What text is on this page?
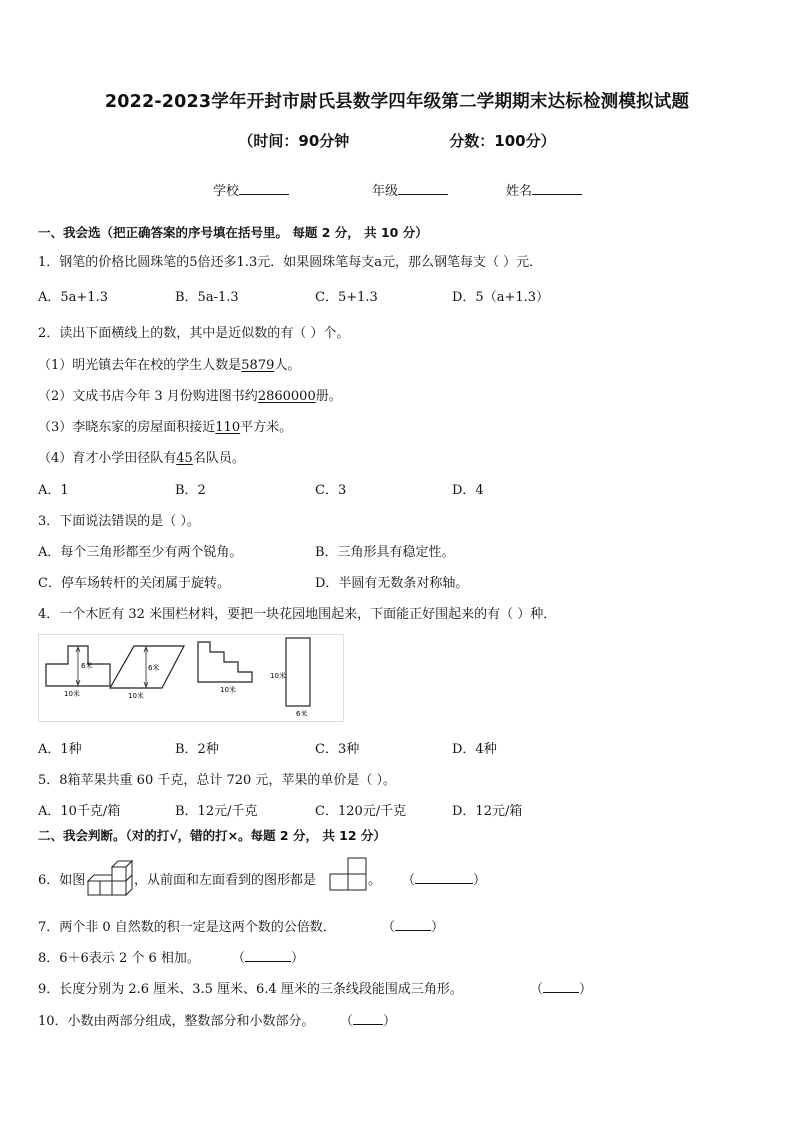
2022-2023学年开封市尉氏县数学四年级第二学期期末达标检测模拟试题
（时间：90分钟	分数：100分）
学校	年级	姓名
一、我会选（把正确答案的序号填在括号里。 每题 2 分， 共 10 分）
1．钢笔的价格比圆珠笔的5倍还多1.3元．如果圆珠笔每支a元，那么钢笔每支（ ）元．
A．5a+1.3	B．5a-1.3	C．5+1.3	D．5（a+1.3）
2．读出下面横线上的数，其中是近似数的有（ ）个。
（1）明光镇去年在校的学生人数是5879人。
（2）文成书店今年 3 月份购进图书约2860000册。
（3）李晓东家的房屋面积接近110平方米。
（4）育才小学田径队有45名队员。
A．1	B．2	C．3	D．4
3．下面说法错误的是（ ）。
A．每个三角形都至少有两个锐角。	B．三角形具有稳定性。
C．停车场转杆的关闭属于旋转。	D．半圆有无数条对称轴。
4．一个木匠有 32 米围栏材料，要把一块花园地围起来，下面能正好围起来的有（ ）种．
6米
10米
6米
10米
10米
10米
6米
A．1种	B．2种	C．3种	D．4种
5．8箱苹果共重 60 千克，总计 720 元，苹果的单价是（ ）。
A．10千克/箱	B．12元/千克	C．120元/千克	D．12元/箱
二、我会判断。（对的打√，错的打×。每题 2 分， 共 12 分）
6．如图	，从前面和左面看到的图形都是	。 （	）
7．两个非 0 自然数的积一定是这两个数的公倍数．	（	）
8．6＋6表示 2 个 6 相加。 （	）
9．长度分别为 2.6 厘米、3.5 厘米、6.4 厘米的三条线段能围成三角形。	（	）
10．小数由两部分组成，整数部分和小数部分。 （ ）
